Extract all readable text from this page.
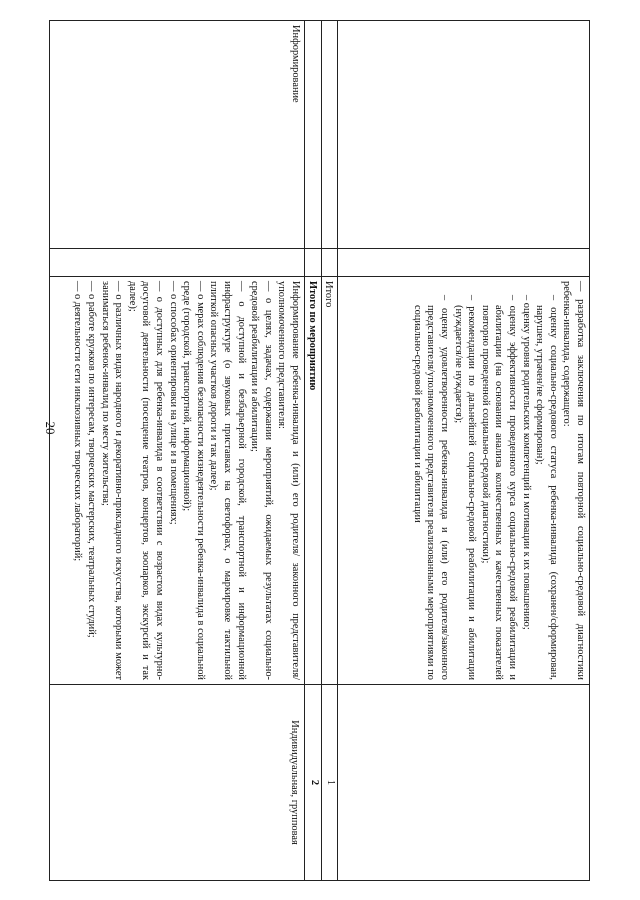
20	— разработка заключения по итогам повторной социально-средовой диагностики ребенка-инвалида, содержащего:

– оценку социально-средового статуса ребенка-инвалида (сохранен/сформирован, нарушен, утрачен/не сформирован);

– оценку уровня родительских компетенций и мотивации к их повышению;

– оценку эффективности проведенного курса социально-средовой реабилитации и абилитации (на основании анализа количественных и качественных показателей повторно проведенной социально-средовой диагностики);

– рекомендации по дальнейшей социально-средовой реабилитации и абилитации (нуждается/не нуждается);

– оценку удовлетворенности ребенка-инвалида и (или) его родителя/законного представителя/уполномоченного представителя реализованными мероприятиями по социально-средовой реабилитации и абилитации

Итого
1
Итого по мероприятию
2
Информирование

Информирование ребенка-инвалида и (или) его родителя/ законного представителя/уполномоченного представителя:

— о целях, задачах, содержании мероприятий, ожидаемых результатах социально-средовой реабилитации и абилитации;

— о доступной и безбарьерной городской, транспортной и информационной инфраструктуре (о звуковых приставках на светофорах, о маркировке тактильной плиткой опасных участков дороги и так далее);

— о мерах соблюдения безопасности жизнедеятельности ребенка-инвалида в социальной среде (городской, транспортной, информационной);

— о способах ориентировки на улице и в помещениях;

— о доступных для ребенка-инвалида в соответствии с возрастом видах культурно-досуговой деятельности (посещение театров, концертов, зоопарков, экскурсий и так далее);

— о различных видах народного и декоративно-прикладного искусства, которыми может заниматься ребенок-инвалид по месту жительства;

— о работе кружков по интересам, творческих мастерских, театральных студий;

— о деятельности сети инклюзивных творческих лабораторий;

Индивидуальная, групповая
